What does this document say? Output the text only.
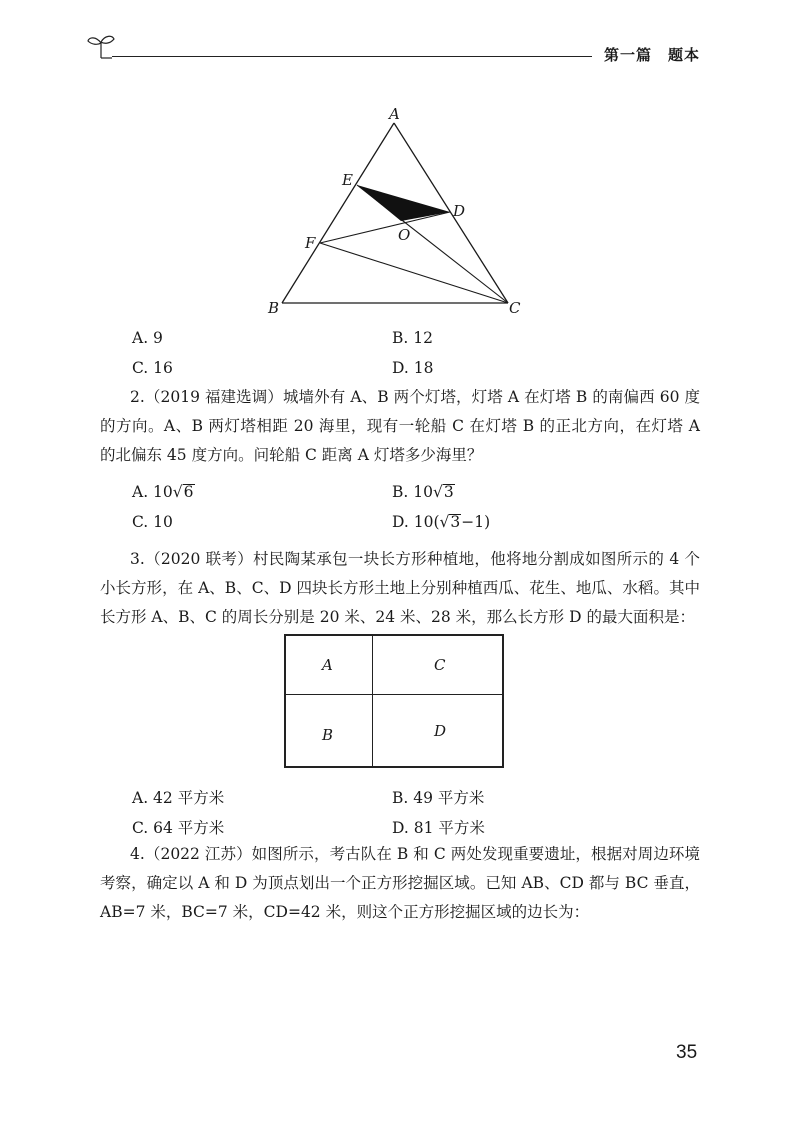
第一篇　题本
A
E
D
O
F
B	C
A. 9	B. 12
C. 16	D. 18
2.（2019 福建选调）城墙外有 A、B 两个灯塔，灯塔 A 在灯塔 B 的南偏西 60 度的方向。A、B 两灯塔相距 20 海里，现有一轮船 C 在灯塔 B 的正北方向，在灯塔 A 的北偏东 45 度方向。问轮船 C 距离 A 灯塔多少海里？
A. 10√6	B. 10√3
C. 10	D. 10(√3−1)
3.（2020 联考）村民陶某承包一块长方形种植地，他将地分割成如图所示的 4 个小长方形，在 A、B、C、D 四块长方形土地上分别种植西瓜、花生、地瓜、水稻。其中长方形 A、B、C 的周长分别是 20 米、24 米、28 米，那么长方形 D 的最大面积是：
A	C
B	D
A. 42 平方米	B. 49 平方米
C. 64 平方米	D. 81 平方米
4.（2022 江苏）如图所示，考古队在 B 和 C 两处发现重要遗址，根据对周边环境考察，确定以 A 和 D 为顶点划出一个正方形挖掘区域。已知 AB、CD 都与 BC 垂直，AB=7 米，BC=7 米，CD=42 米，则这个正方形挖掘区域的边长为：
35
